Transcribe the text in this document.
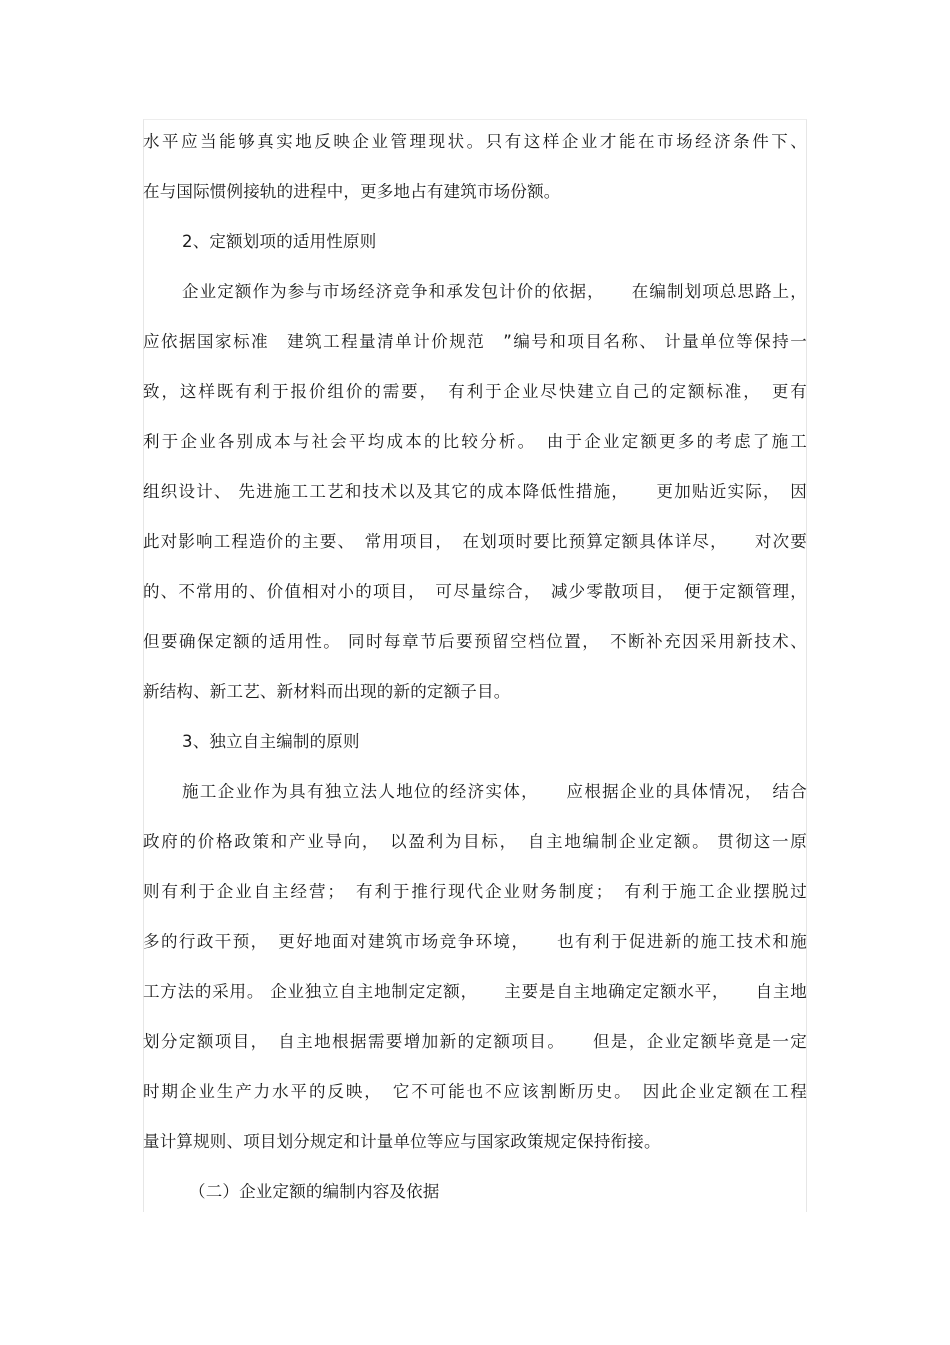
水平应当能够真实地反映企业管理现状。只有这样企业才能在市场经济条件下、
在与国际惯例接轨的进程中，更多地占有建筑市场份额。
2、定额划项的适用性原则
企业定额作为参与市场经济竞争和承发包计价的依据，　　在编制划项总思路上，
应依据国家标准　建筑工程量清单计价规范　”编号和项目名称、 计量单位等保持一
致，这样既有利于报价组价的需要，　有利于企业尽快建立自己的定额标准，　更有
利于企业各别成本与社会平均成本的比较分析。　由于企业定额更多的考虑了施工
组织设计、 先进施工工艺和技术以及其它的成本降低性措施，　　更加贴近实际，　因
此对影响工程造价的主要、　常用项目，　在划项时要比预算定额具体详尽，　　对次要
的、不常用的、价值相对小的项目，　可尽量综合，　减少零散项目，　便于定额管理，
但要确保定额的适用性。 同时每章节后要预留空档位置，　不断补充因采用新技术、
新结构、新工艺、新材料而出现的新的定额子目。
3、独立自主编制的原则
施工企业作为具有独立法人地位的经济实体，　　应根据企业的具体情况，　结合
政府的价格政策和产业导向，　以盈利为目标，　自主地编制企业定额。 贯彻这一原
则有利于企业自主经营；　有利于推行现代企业财务制度；　有利于施工企业摆脱过
多的行政干预，　更好地面对建筑市场竞争环境，　　也有利于促进新的施工技术和施
工方法的采用。 企业独立自主地制定定额，　　主要是自主地确定定额水平，　　自主地
划分定额项目，　自主地根据需要增加新的定额项目。　　但是，企业定额毕竟是一定
时期企业生产力水平的反映，　它不可能也不应该割断历史。　因此企业定额在工程
量计算规则、项目划分规定和计量单位等应与国家政策规定保持衔接。
（二）企业定额的编制内容及依据
